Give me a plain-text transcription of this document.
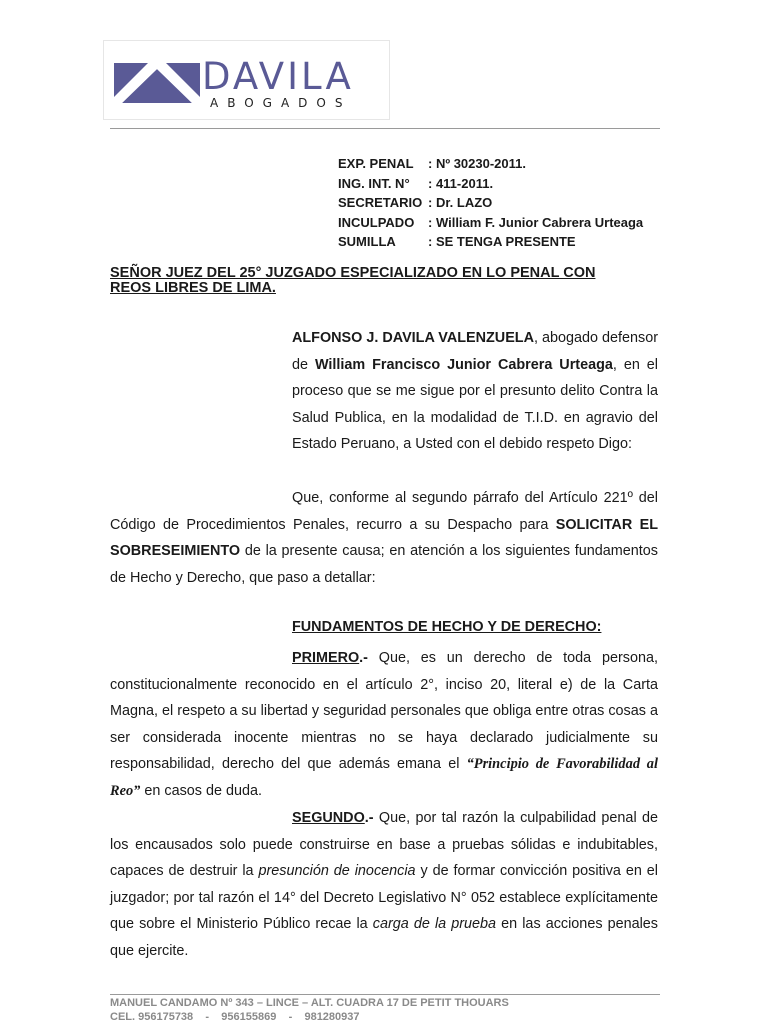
DAVILA
ABOGADOS
EXP. PENAL	: Nº 30230-2011.
ING. INT. N°	: 411-2011.
SECRETARIO : Dr. LAZO
INCULPADO	: William F. Junior Cabrera Urteaga
SUMILLA	: SE TENGA PRESENTE
SEÑOR JUEZ DEL 25° JUZGADO ESPECIALIZADO EN LO PENAL CON REOS LIBRES DE LIMA.
ALFONSO J. DAVILA VALENZUELA, abogado defensor de William Francisco Junior Cabrera Urteaga, en el proceso que se me sigue por el presunto delito Contra la Salud Publica, en la modalidad de T.I.D. en agravio del Estado Peruano, a Usted con el debido respeto Digo:
Que, conforme al segundo párrafo del Artículo 221º del Código de Procedimientos Penales, recurro a su Despacho para SOLICITAR EL SOBRESEIMIENTO de la presente causa; en atención a los siguientes fundamentos de Hecho y Derecho, que paso a detallar:
FUNDAMENTOS DE HECHO Y DE DERECHO:
PRIMERO.- Que, es un derecho de toda persona, constitucionalmente reconocido en el artículo 2°, inciso 20, literal e) de la Carta Magna, el respeto a su libertad y seguridad personales que obliga entre otras cosas a ser considerada inocente mientras no se haya declarado judicialmente su responsabilidad, derecho del que además emana el “Principio de Favorabilidad al Reo” en casos de duda.
SEGUNDO.- Que, por tal razón la culpabilidad penal de los encausados solo puede construirse en base a pruebas sólidas e indubitables, capaces de destruir la presunción de inocencia y de formar convicción positiva en el juzgador; por tal razón el 14° del Decreto Legislativo N° 052 establece explícitamente que sobre el Ministerio Público recae la carga de la prueba en las acciones penales que ejercite.
MANUEL CANDAMO Nº 343 – LINCE – ALT. CUADRA 17 DE PETIT THOUARS
CEL. 956175738    -    956155869    -    981280937
